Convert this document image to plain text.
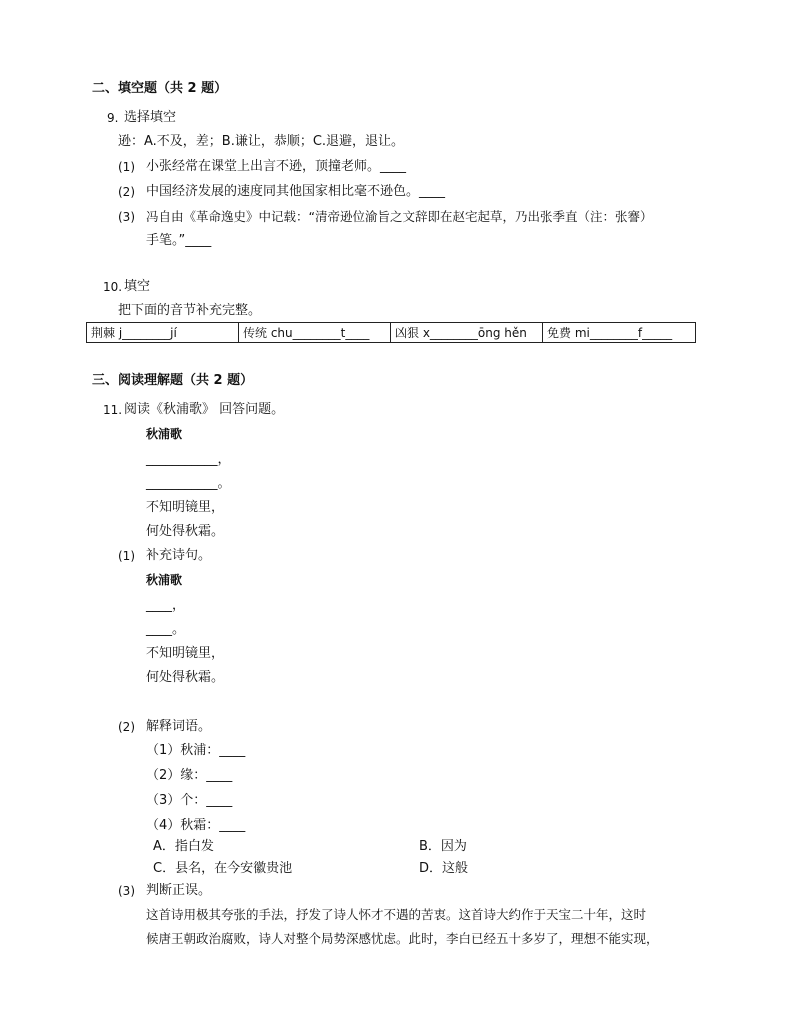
二、填空题（共 2 题）
9. 选择填空
逊：A.不及，差；B.谦让，恭顺；C.退避，退让。
(1) 小张经常在课堂上出言不逊，顶撞老师。____
(2) 中国经济发展的速度同其他国家相比毫不逊色。____
(3) 冯自由《革命逸史》中记载：“清帝逊位渝旨之文辞即在赵宅起草，乃出张季直（注：张謇）
手笔。”____
10. 填空
把下面的音节补充完整。
荆棘 j________jí	传统 chu________t____	凶狠 x________ōng hěn	免费 mi________f_____
三、阅读理解题（共 2 题）
11. 阅读《秋浦歌》 回答问题。
秋浦歌
___________，
___________。
不知明镜里，
何处得秋霜。
(1) 补充诗句。
秋浦歌
____，
____。
不知明镜里，
何处得秋霜。
(2) 解释词语。
（1）秋浦：____
（2）缘：____
（3）个：____
（4）秋霜：____
A．指白发	B．因为
C．县名，在今安徽贵池	D．这般
(3) 判断正误。
这首诗用极其夸张的手法，抒发了诗人怀才不遇的苦衷。这首诗大约作于天宝二十年，这时
候唐王朝政治腐败，诗人对整个局势深感忧虑。此时，李白已经五十多岁了，理想不能实现，
